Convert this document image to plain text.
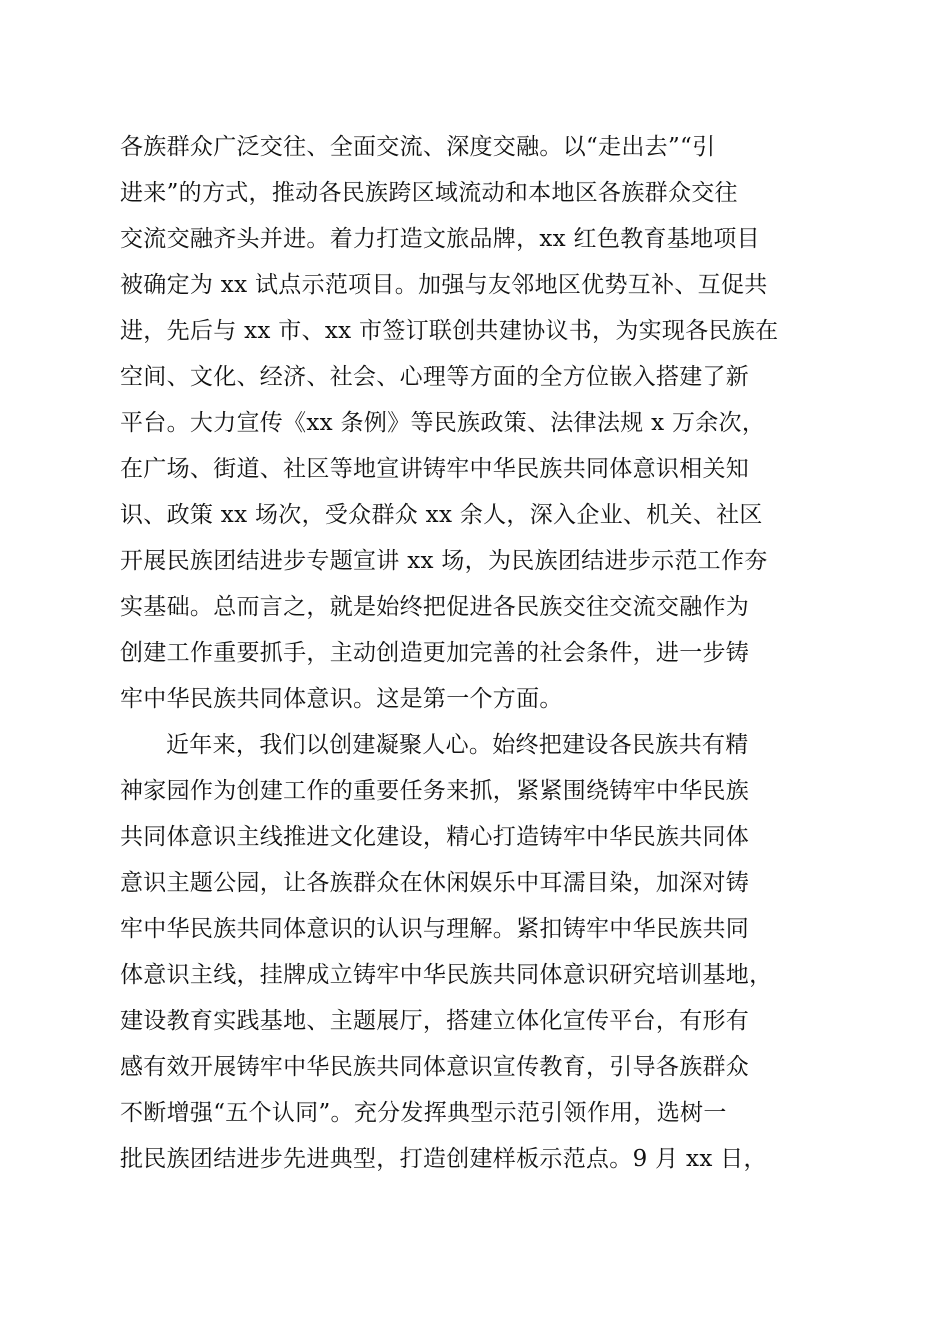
各族群众广泛交往、全面交流、深度交融。以“走出去”“引
进来”的方式，推动各民族跨区域流动和本地区各族群众交往
交流交融齐头并进。着力打造文旅品牌，xx 红色教育基地项目
被确定为 xx 试点示范项目。加强与友邻地区优势互补、互促共
进，先后与 xx 市、xx 市签订联创共建协议书，为实现各民族在
空间、文化、经济、社会、心理等方面的全方位嵌入搭建了新
平台。大力宣传《xx 条例》等民族政策、法律法规 x 万余次，
在广场、街道、社区等地宣讲铸牢中华民族共同体意识相关知
识、政策 xx 场次，受众群众 xx 余人，深入企业、机关、社区
开展民族团结进步专题宣讲 xx 场，为民族团结进步示范工作夯
实基础。总而言之，就是始终把促进各民族交往交流交融作为
创建工作重要抓手，主动创造更加完善的社会条件，进一步铸
牢中华民族共同体意识。这是第一个方面。
近年来，我们以创建凝聚人心。始终把建设各民族共有精
神家园作为创建工作的重要任务来抓，紧紧围绕铸牢中华民族
共同体意识主线推进文化建设，精心打造铸牢中华民族共同体
意识主题公园，让各族群众在休闲娱乐中耳濡目染，加深对铸
牢中华民族共同体意识的认识与理解。紧扣铸牢中华民族共同
体意识主线，挂牌成立铸牢中华民族共同体意识研究培训基地，
建设教育实践基地、主题展厅，搭建立体化宣传平台，有形有
感有效开展铸牢中华民族共同体意识宣传教育，引导各族群众
不断增强“五个认同”。充分发挥典型示范引领作用，选树一
批民族团结进步先进典型，打造创建样板示范点。9 月 xx 日，
